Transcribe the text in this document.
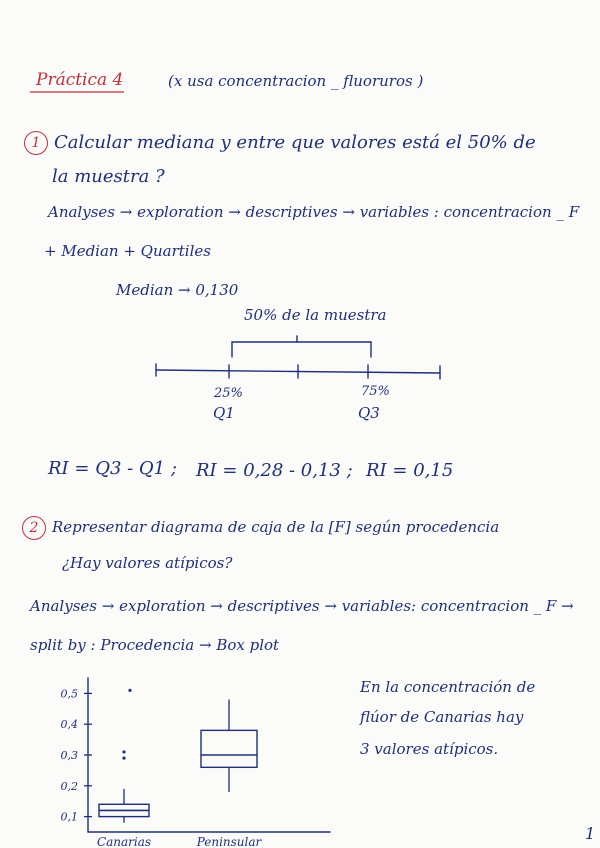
Práctica 4	(x usa concentracion _ fluoruros )
1 Calcular mediana y entre que valores está el 50% de
la muestra ?
Analyses → exploration → descriptives → variables : concentracion _ F
+ Median + Quartiles
Median → 0,130
50% de la muestra
25%
Q1
75%
Q3
RI = Q3 - Q1 ; RI = 0,28 - 0,13 ; RI = 0,15
2 Representar diagrama de caja de la [F] según procedencia
¿Hay valores atípicos?
Analyses → exploration → descriptives → variables: concentracion _ F →
split by : Procedencia → Box plot
0,1
0,2
0,3
0,4
0,5
Canarias	Peninsular
En la concentración de
flúor de Canarias hay
3 valores atípicos.
1
